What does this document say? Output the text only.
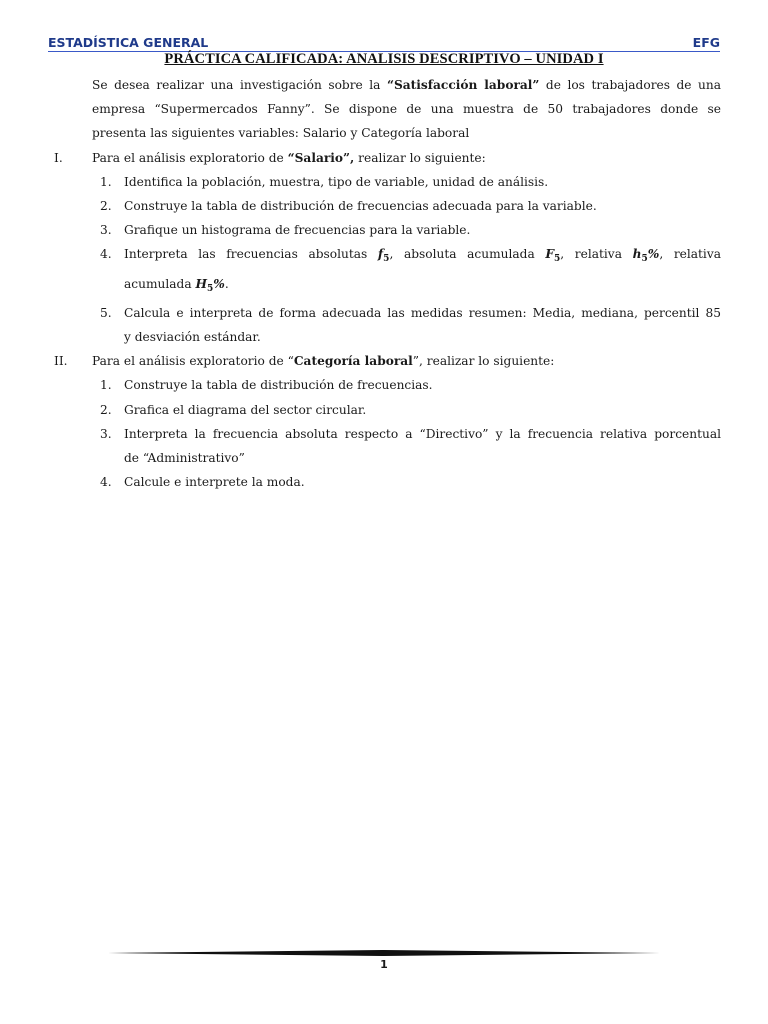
ESTADÍSTICA GENERAL	EFG
PRÁCTICA CALIFICADA: ANALISIS DESCRIPTIVO – UNIDAD I
Se desea realizar una investigación sobre la “Satisfacción laboral” de los trabajadores de una
empresa “Supermercados Fanny”. Se dispone de una muestra de 50 trabajadores donde se
presenta las siguientes variables: Salario y Categoría laboral
I. Para el análisis exploratorio de “Salario”, realizar lo siguiente:
1. Identifica la población, muestra, tipo de variable, unidad de análisis.
2. Construye la tabla de distribución de frecuencias adecuada para la variable.
3. Grafique un histograma de frecuencias para la variable.
4. Interpreta las frecuencias absolutas $f_5$, absoluta acumulada $F_5$, relativa $h_5\%$, relativa
acumulada $H_5\%$.
5. Calcula e interpreta de forma adecuada las medidas resumen: Media, mediana, percentil 85
y desviación estándar.
II. Para el análisis exploratorio de “Categoría laboral”, realizar lo siguiente:
1. Construye la tabla de distribución de frecuencias.
2. Grafica el diagrama del sector circular.
3. Interpreta la frecuencia absoluta respecto a “Directivo” y la frecuencia relativa porcentual
de “Administrativo”
4. Calcule e interprete la moda.
1
